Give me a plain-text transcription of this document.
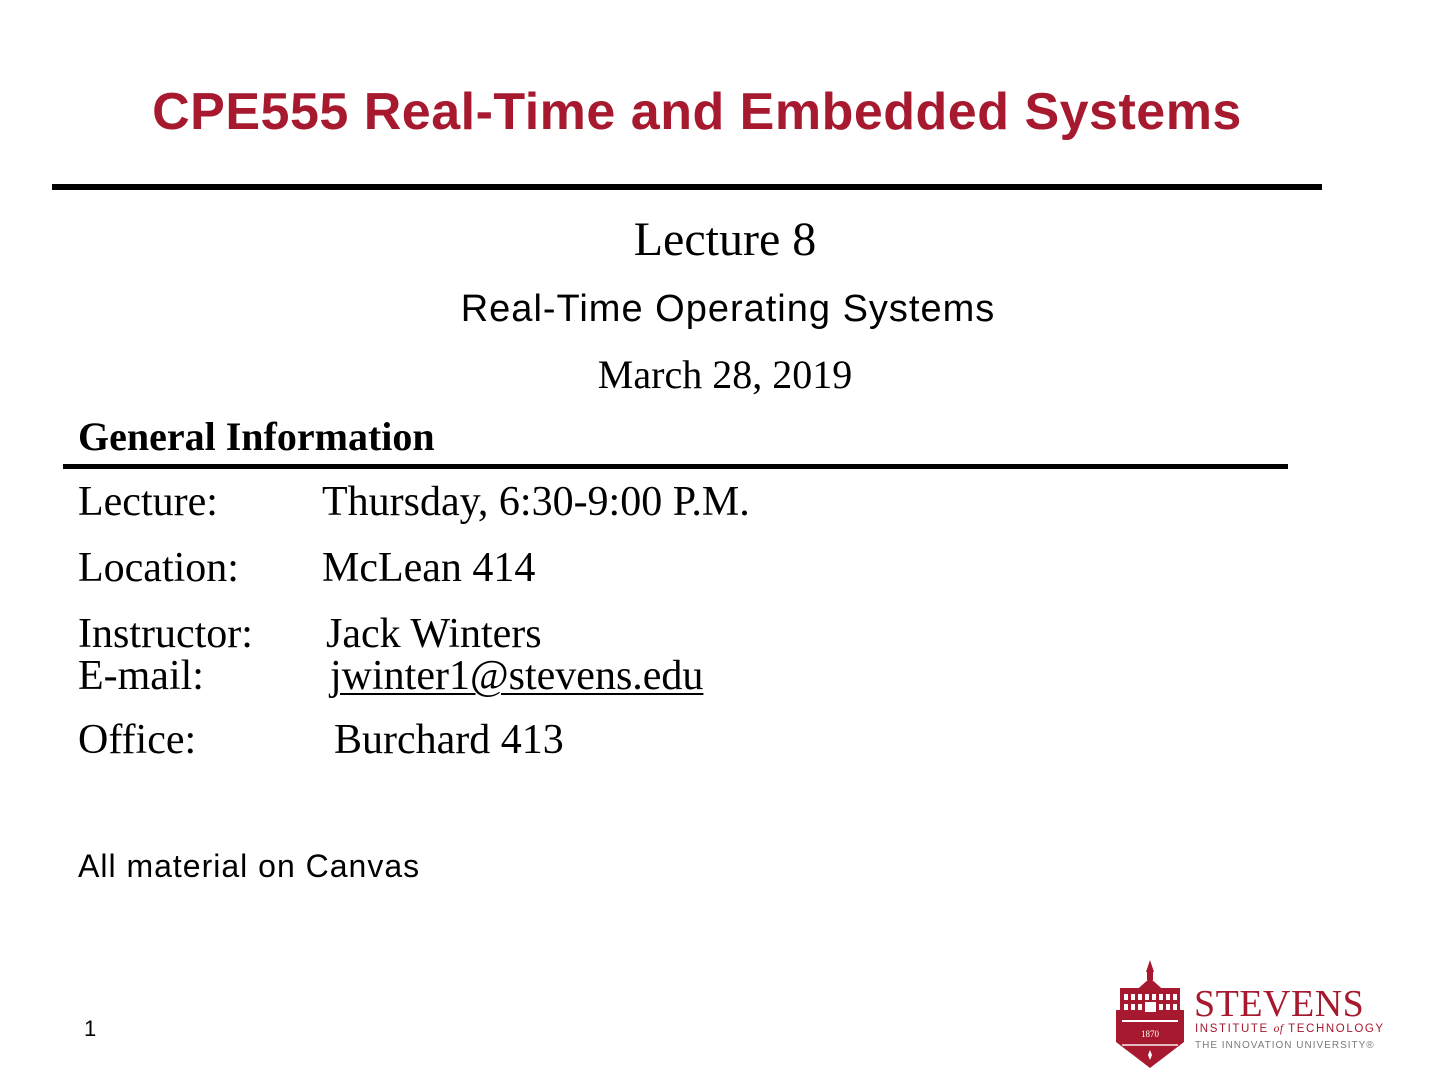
CPE555 Real-Time and Embedded Systems
Lecture 8
Real-Time Operating Systems
March 28, 2019
General Information
Lecture: Thursday, 6:30-9:00 P.M.
Location: McLean 414
Instructor: Jack Winters
E-mail:	jwinter1@stevens.edu
Office:	Burchard 413
All material on Canvas
1	1870
STEVENS
INSTITUTE of TECHNOLOGY
THE INNOVATION UNIVERSITY®
